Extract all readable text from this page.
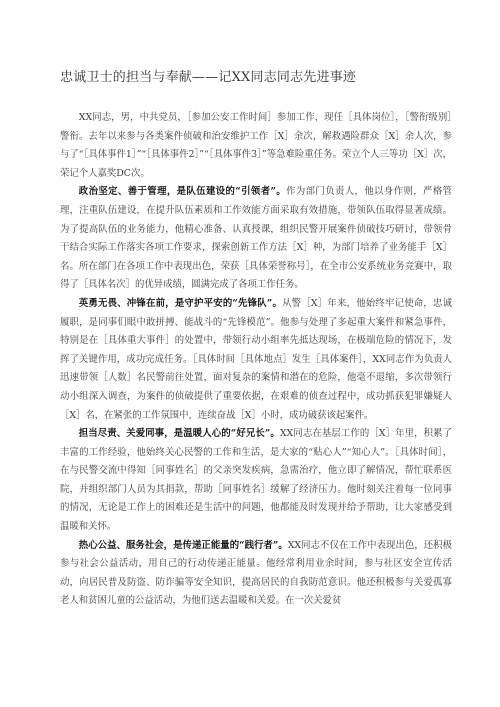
忠诚卫士的担当与奉献——记XX同志同志先进事迹

XX同志，男，中共党员，［参加公安工作时间］参加工作，现任［具体岗位］，［警衔级别］警衔。去年以来参与各类案件侦破和治安维护工作［X］余次，解救遇险群众［X］余人次，参与了“［具体事件1］”“［具体事件2］”“［具体事件3］”等急难险重任务。荣立个人三等功［X］次，荣记个人嘉奖DC次。

政治坚定、善于管理，是队伍建设的“引领者”。作为部门负责人，他以身作则，严格管理，注重队伍建设，在提升队伍素质和工作效能方面采取有效措施，带领队伍取得显著成绩。为了提高队伍的业务能力，他精心准备、认真授课，组织民警开展案件侦破技巧研讨，带领骨干结合实际工作落实各项工作要求，探索创新工作方法［X］种，为部门培养了业务能手［X］名。所在部门在各项工作中表现出色，荣获［具体荣誉称号］，在全市公安系统业务竞赛中，取得了［具体名次］的优异成绩，圆满完成了各项工作任务。

英勇无畏、冲锋在前，是守护平安的“先锋队”。从警［X］年来，他始终牢记使命，忠诚履职，是同事们眼中敢拼搏、能战斗的“先锋模范”。他参与处理了多起重大案件和紧急事件，特别是在［具体重大事件］的处置中，带领行动小组率先抵达现场，在极端危险的情况下，发挥了关键作用，成功完成任务。［具体时间［具体地点］发生［具体案件］，XX同志作为负责人迅速带领［人数］名民警前往处置，面对复杂的案情和潜在的危险，他毫不退缩，多次带领行动小组深入调查，为案件的侦破提供了重要依据，在艰难的侦查过程中，成功抓获犯罪嫌疑人［X］名，在紧张的工作氛围中，连续奋战［X］小时，成功破获该起案件。

担当尽责、关爱同事，是温暖人心的“好兄长”。XX同志在基层工作的［X］年里，积累了丰富的工作经验，他始终关心民警的工作和生活，是大家的“贴心人”“知心人”。［具体时间］，在与民警交流中得知［同事姓名］的父亲突发疾病，急需治疗，他立即了解情况，帮忙联系医院，并组织部门人员为其捐款，帮助［同事姓名］缓解了经济压力。他时刻关注着每一位同事的情况，无论是工作上的困难还是生活中的问题，他都能及时发现并给予帮助，让大家感受到温暖和关怀。

热心公益、服务社会，是传递正能量的“践行者”。XX同志不仅在工作中表现出色，还积极参与社会公益活动，用自己的行动传递正能量。他经常利用业余时间，参与社区安全宣传活动，向居民普及防盗、防诈骗等安全知识，提高居民的自我防范意识。他还积极参与关爱孤寡老人和贫困儿童的公益活动，为他们送去温暖和关爱。在一次关爱贫
